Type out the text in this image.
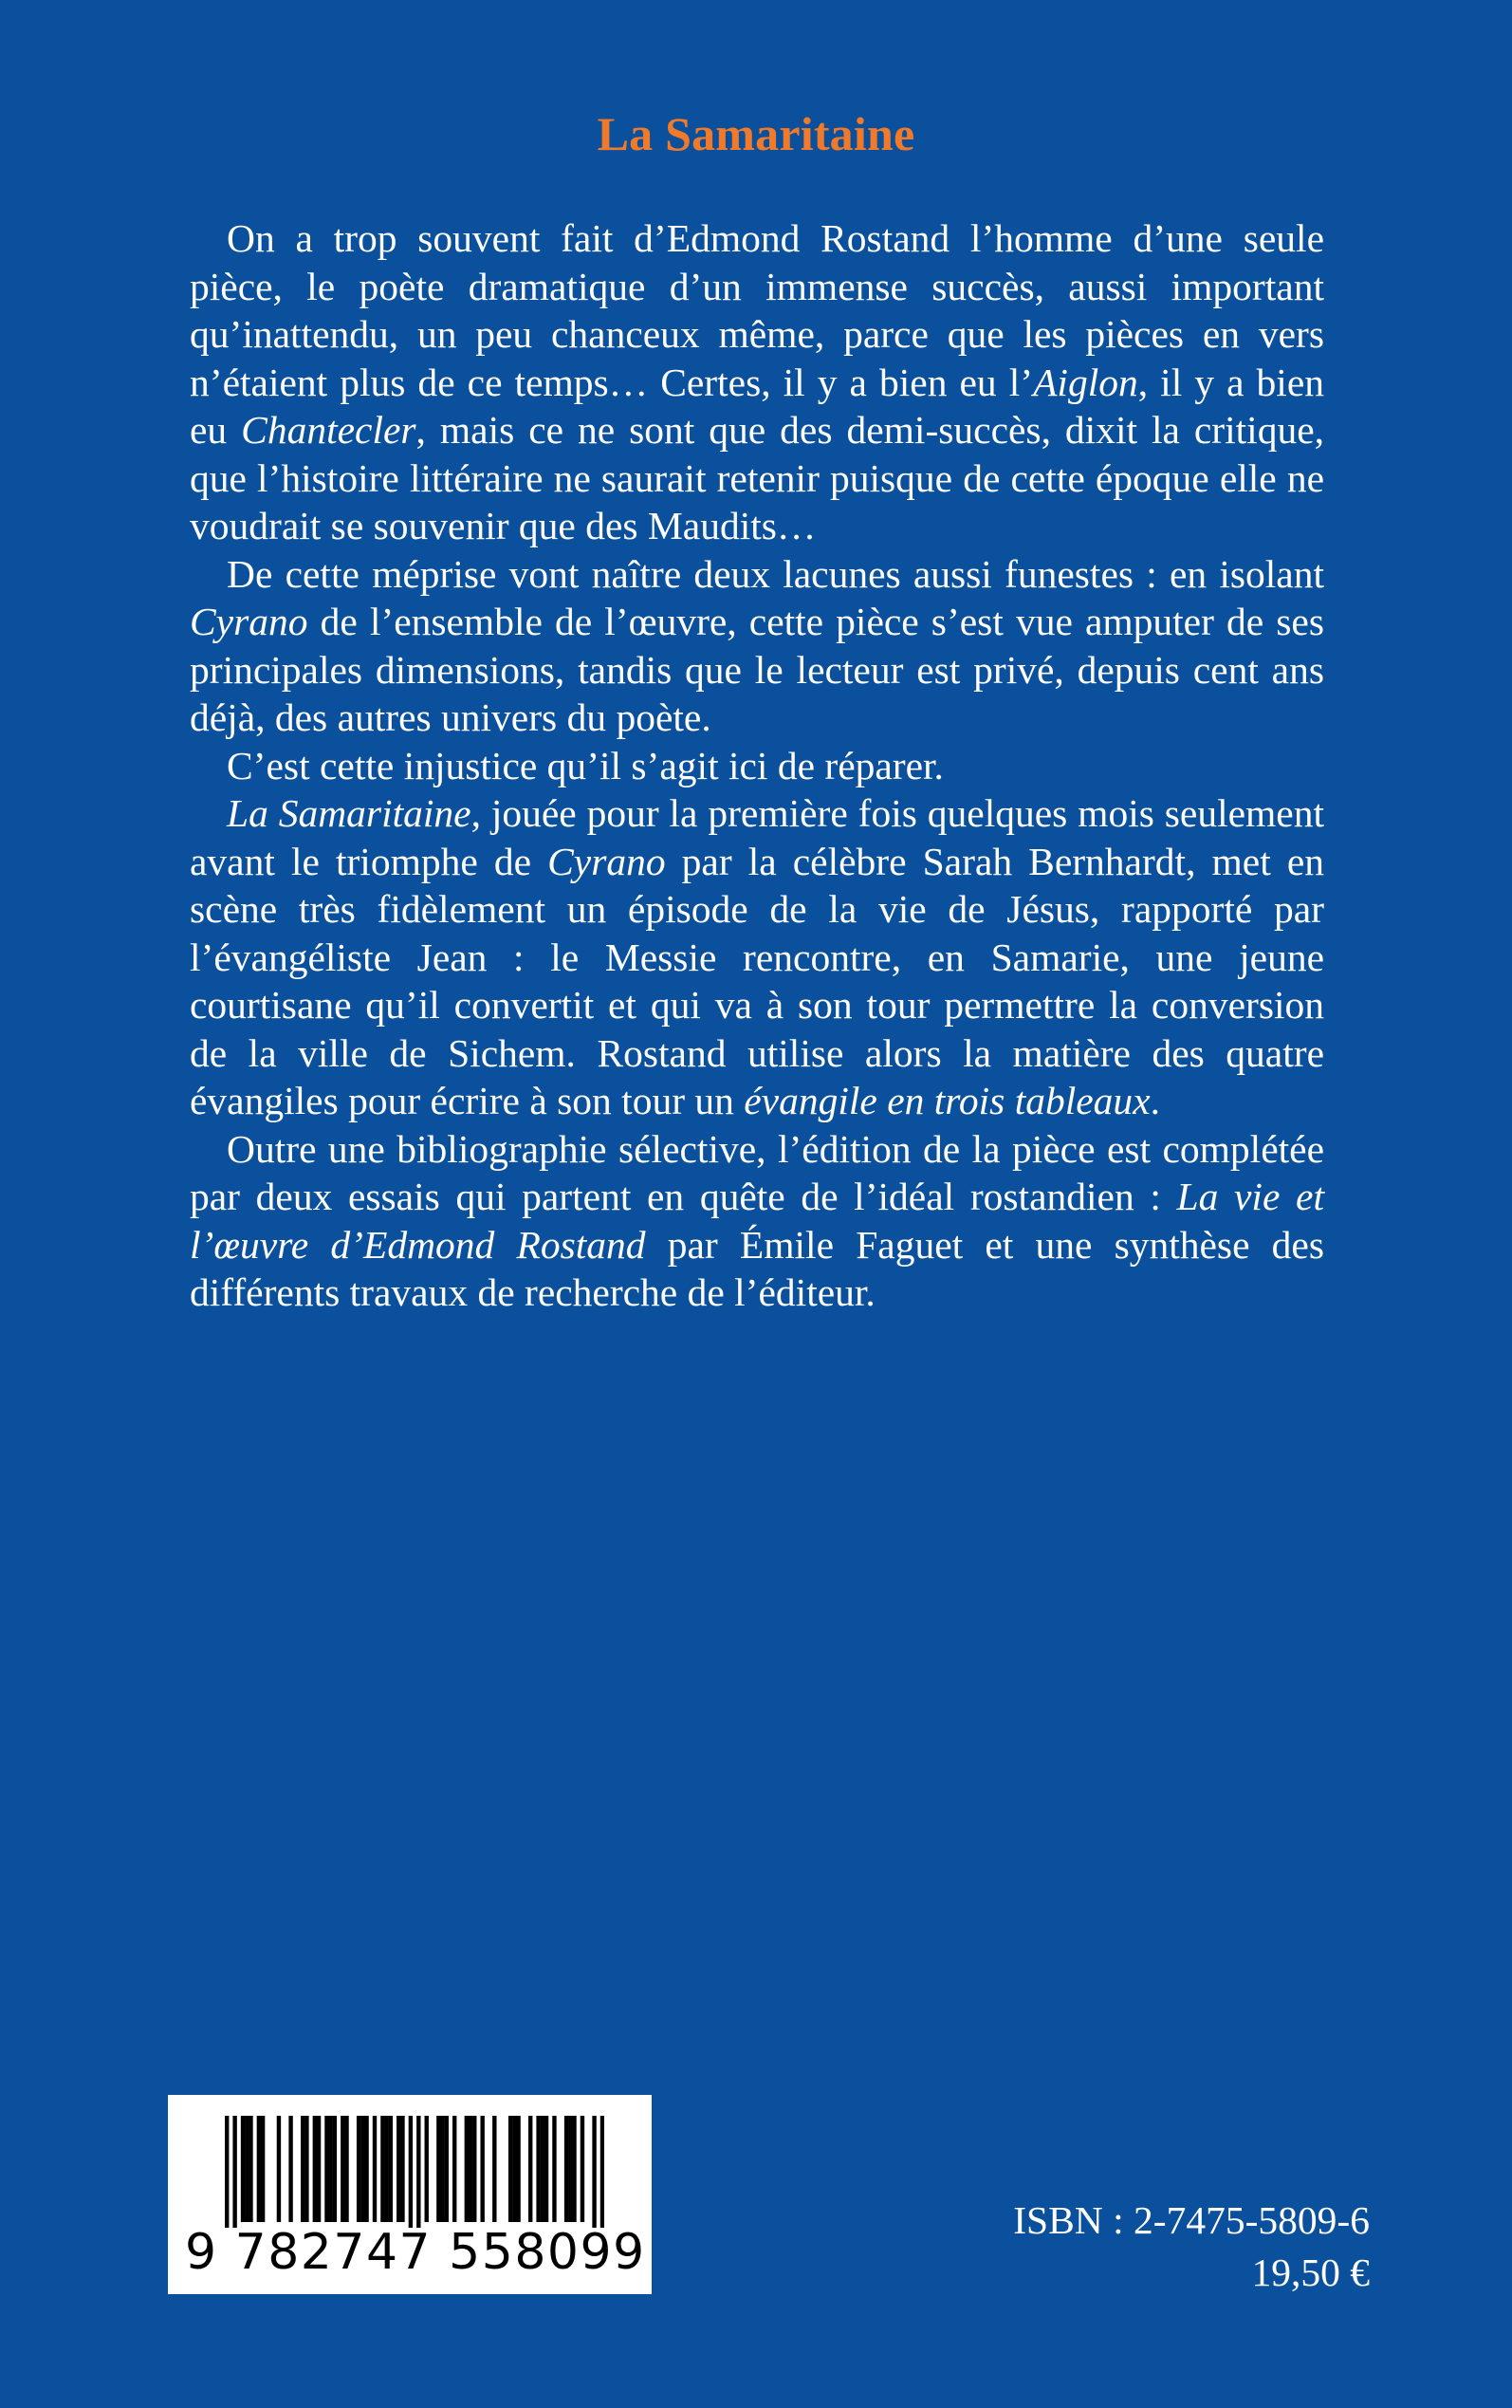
La Samaritaine

On a trop souvent fait d’Edmond Rostand l’homme d’une seule pièce, le poète dramatique d’un immense succès, aussi important qu’inattendu, un peu chanceux même, parce que les pièces en vers n’étaient plus de ce temps… Certes, il y a bien eu l’Aiglon, il y a bien eu Chantecler, mais ce ne sont que des demi-succès, dixit la critique, que l’histoire littéraire ne saurait retenir puisque de cette époque elle ne voudrait se souvenir que des Maudits…

De cette méprise vont naître deux lacunes aussi funestes : en isolant Cyrano de l’ensemble de l’œuvre, cette pièce s’est vue amputer de ses principales dimensions, tandis que le lecteur est privé, depuis cent ans déjà, des autres univers du poète.

C’est cette injustice qu’il s’agit ici de réparer.

La Samaritaine, jouée pour la première fois quelques mois seulement avant le triomphe de Cyrano par la célèbre Sarah Bernhardt, met en scène très fidèlement un épisode de la vie de Jésus, rapporté par l’évangéliste Jean : le Messie rencontre, en Samarie, une jeune courtisane qu’il convertit et qui va à son tour permettre la conversion de la ville de Sichem. Rostand utilise alors la matière des quatre évangiles pour écrire à son tour un évangile en trois tableaux.

Outre une bibliographie sélective, l’édition de la pièce est complétée par deux essais qui partent en quête de l’idéal rostandien : La vie et l’œuvre d’Edmond Rostand par Émile Faguet et une synthèse des différents travaux de recherche de l’éditeur.

9 782747 558099
ISBN : 2-7475-5809-6
19,50 €
